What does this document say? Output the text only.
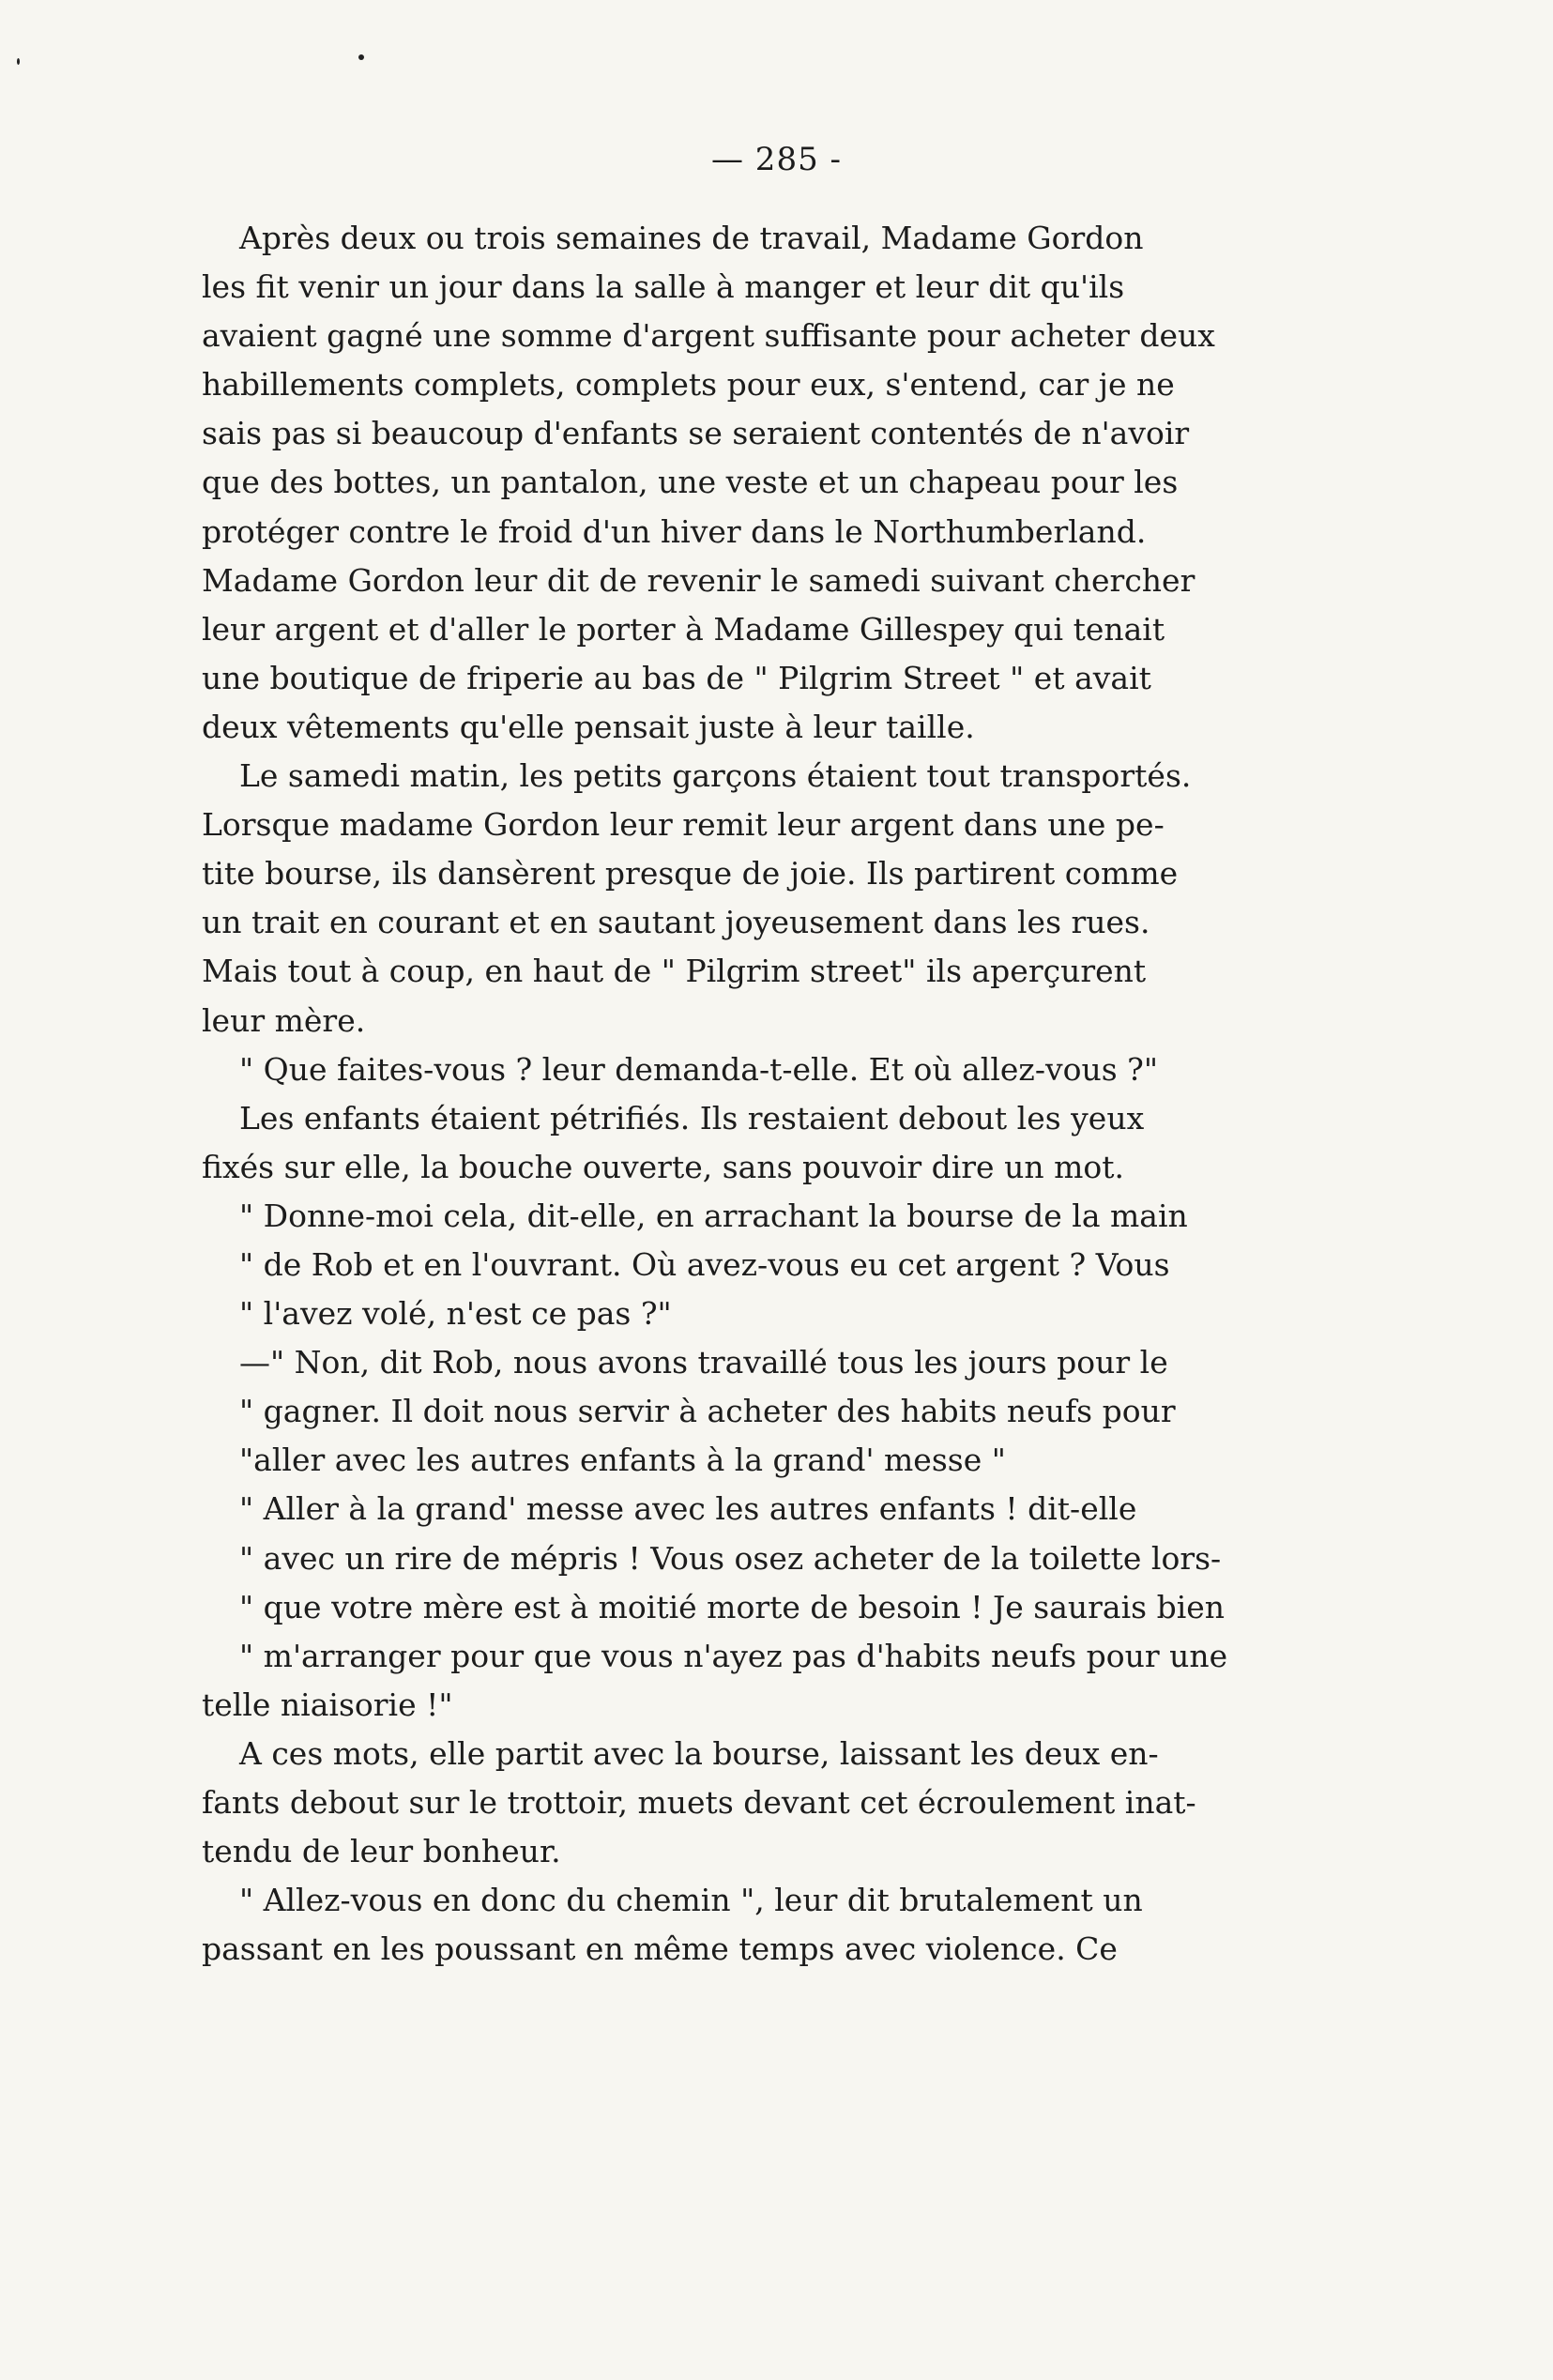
— 285 -
Après deux ou trois semaines de travail, Madame Gordon
les fit venir un jour dans la salle à manger et leur dit qu'ils
avaient gagné une somme d'argent suffisante pour acheter deux
habillements complets, complets pour eux, s'entend, car je ne
sais pas si beaucoup d'enfants se seraient contentés de n'avoir
que des bottes, un pantalon, une veste et un chapeau pour les
protéger contre le froid d'un hiver dans le Northumberland.
Madame Gordon leur dit de revenir le samedi suivant chercher
leur argent et d'aller le porter à Madame Gillespey qui tenait
une boutique de friperie au bas de " Pilgrim Street " et avait
deux vêtements qu'elle pensait juste à leur taille.
Le samedi matin, les petits garçons étaient tout transportés.
Lorsque madame Gordon leur remit leur argent dans une pe-
tite bourse, ils dansèrent presque de joie. Ils partirent comme
un trait en courant et en sautant joyeusement dans les rues.
Mais tout à coup, en haut de " Pilgrim street" ils aperçurent
leur mère.
" Que faites-vous ? leur demanda-t-elle. Et où allez-vous ?"
Les enfants étaient pétrifiés. Ils restaient debout les yeux
fixés sur elle, la bouche ouverte, sans pouvoir dire un mot.
" Donne-moi cela, dit-elle, en arrachant la bourse de la main
" de Rob et en l'ouvrant. Où avez-vous eu cet argent ? Vous
" l'avez volé, n'est ce pas ?"
—" Non, dit Rob, nous avons travaillé tous les jours pour le
" gagner. Il doit nous servir à acheter des habits neufs pour
"aller avec les autres enfants à la grand' messe "
" Aller à la grand' messe avec les autres enfants ! dit-elle
" avec un rire de mépris ! Vous osez acheter de la toilette lors-
" que votre mère est à moitié morte de besoin ! Je saurais bien
" m'arranger pour que vous n'ayez pas d'habits neufs pour une
telle niaisorie !"
A ces mots, elle partit avec la bourse, laissant les deux en-
fants debout sur le trottoir, muets devant cet écroulement inat-
tendu de leur bonheur.
" Allez-vous en donc du chemin ", leur dit brutalement un
passant en les poussant en même temps avec violence. Ce
